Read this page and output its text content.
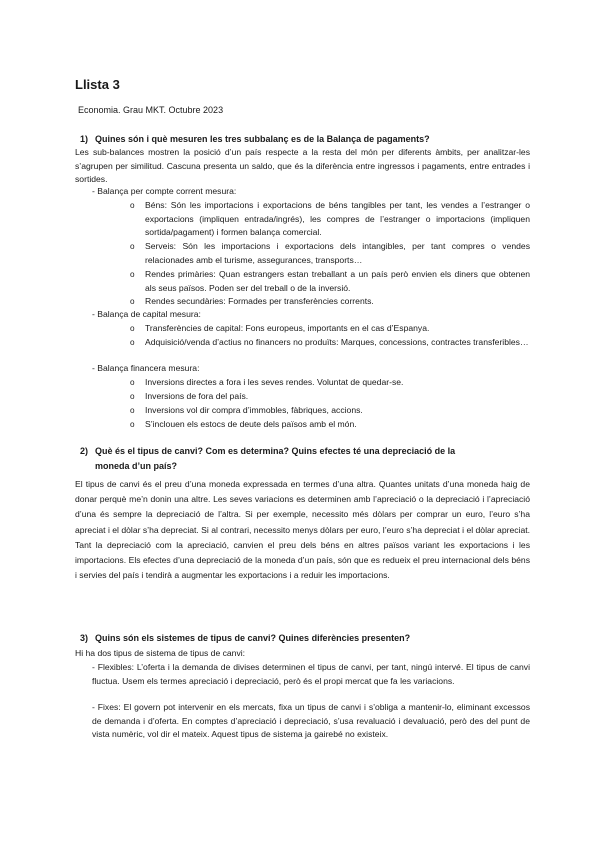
Llista 3
Economia. Grau MKT. Octubre 2023
1) Quines són i què mesuren les tres subbalanç es de la Balança de pagaments?
Les sub-balances mostren la posició d’un país respecte a la resta del món per diferents àmbits, per analitzar-les s’agrupen per similitud. Cascuna presenta un saldo, que és la diferència entre ingressos i pagaments, entre entrades i sortides.
- Balança per compte corrent mesura:
o Béns: Són les importacions i exportacions de béns tangibles per tant, les vendes a l’estranger o exportacions (impliquen entrada/ingrés), les compres de l’estranger o importacions (impliquen sortida/pagament) i formen balança comercial.
o Serveis: Són les importacions i exportacions dels intangibles, per tant compres o vendes relacionades amb el turisme, assegurances, transports…
o Rendes primàries: Quan estrangers estan treballant a un país però envien els diners que obtenen als seus països. Poden ser del treball o de la inversió.
o Rendes secundàries: Formades per transferències corrents.
- Balança de capital mesura:
o Transferències de capital: Fons europeus, importants en el cas d’Espanya.
o Adquisició/venda d’actius no financers no produïts: Marques, concessions, contractes transferibles…
- Balança financera mesura:
o Inversions directes a fora i les seves rendes. Voluntat de quedar-se.
o Inversions de fora del país.
o Inversions vol dir compra d’immobles, fàbriques, accions.
o S’inclouen els estocs de deute dels països amb el món.
2) Què és el tipus de canvi? Com es determina? Quins efectes té una depreciació de la
moneda d’un país?
El tipus de canvi és el preu d’una moneda expressada en termes d’una altra. Quantes unitats d’una moneda haig de donar perquè me’n donin una altre. Les seves variacions es determinen amb l’apreciació o la depreciació i l’apreciació d’una és sempre la depreciació de l’altra. Si per exemple, necessito més dòlars per comprar un euro, l’euro s’ha apreciat i el dòlar s’ha depreciat. Si al contrari, necessito menys dòlars per euro, l’euro s’ha depreciat i el dòlar apreciat. Tant la depreciació com la apreciació, canvien el preu dels béns en altres països variant les exportacions i les importacions. Els efectes d’una depreciació de la moneda d’un país, són que es redueix el preu internacional dels béns i servies del país i tendirà a augmentar les exportacions i a reduir les importacions.
3) Quins són els sistemes de tipus de canvi? Quines diferències presenten?
Hi ha dos tipus de sistema de tipus de canvi:
- Flexibles: L’oferta i la demanda de divises determinen el tipus de canvi, per tant, ningú intervé. El tipus de canvi fluctua. Usem els termes apreciació i depreciació, però és el propi mercat que fa les variacions.
- Fixes: El govern pot intervenir en els mercats, fixa un tipus de canvi i s’obliga a mantenir-lo, eliminant excessos de demanda i d’oferta. En comptes d’apreciació i depreciació, s’usa revaluació i devaluació, però des del punt de vista numèric, vol dir el mateix. Aquest tipus de sistema ja gairebé no existeix.
